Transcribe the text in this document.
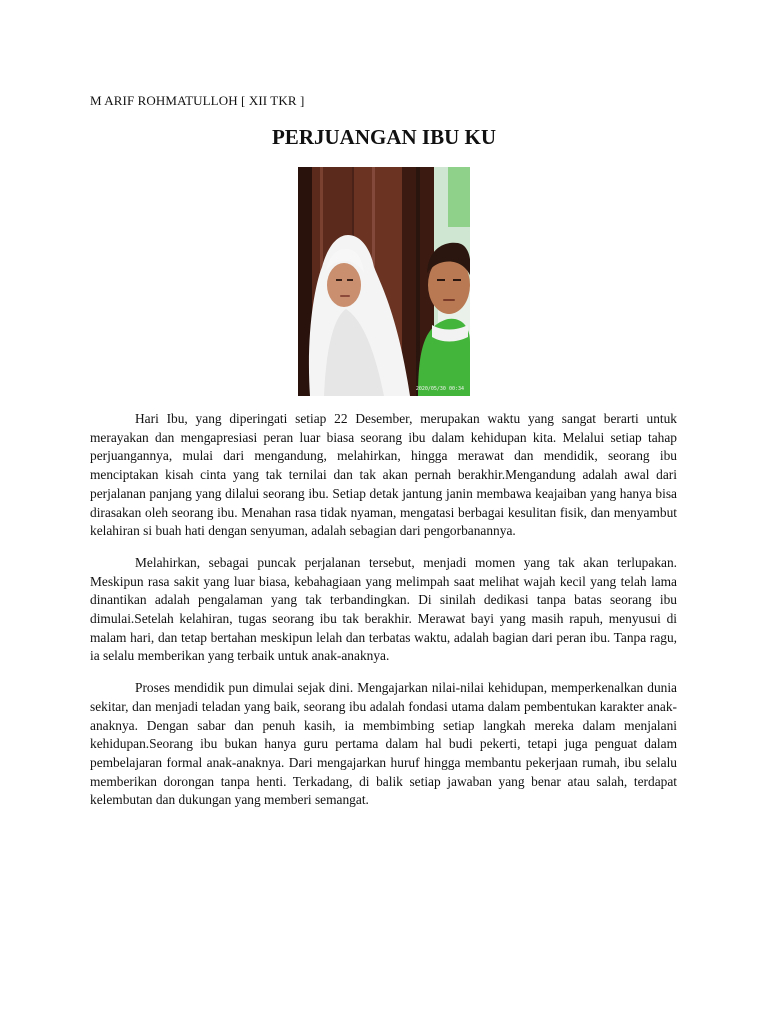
M ARIF ROHMATULLOH [ XII TKR ]
PERJUANGAN IBU KU
2020/05/30 00:34

Hari Ibu, yang diperingati setiap 22 Desember, merupakan waktu yang sangat berarti untuk merayakan dan mengapresiasi peran luar biasa seorang ibu dalam kehidupan kita. Melalui setiap tahap perjuangannya, mulai dari mengandung, melahirkan, hingga merawat dan mendidik, seorang ibu menciptakan kisah cinta yang tak ternilai dan tak akan pernah berakhir.Mengandung adalah awal dari perjalanan panjang yang dilalui seorang ibu. Setiap detak jantung janin membawa keajaiban yang hanya bisa dirasakan oleh seorang ibu. Menahan rasa tidak nyaman, mengatasi berbagai kesulitan fisik, dan menyambut kelahiran si buah hati dengan senyuman, adalah sebagian dari pengorbanannya.

Melahirkan, sebagai puncak perjalanan tersebut, menjadi momen yang tak akan terlupakan. Meskipun rasa sakit yang luar biasa, kebahagiaan yang melimpah saat melihat wajah kecil yang telah lama dinantikan adalah pengalaman yang tak terbandingkan. Di sinilah dedikasi tanpa batas seorang ibu dimulai.Setelah kelahiran, tugas seorang ibu tak berakhir. Merawat bayi yang masih rapuh, menyusui di malam hari, dan tetap bertahan meskipun lelah dan terbatas waktu, adalah bagian dari peran ibu. Tanpa ragu, ia selalu memberikan yang terbaik untuk anak-anaknya.

Proses mendidik pun dimulai sejak dini. Mengajarkan nilai-nilai kehidupan, memperkenalkan dunia sekitar, dan menjadi teladan yang baik, seorang ibu adalah fondasi utama dalam pembentukan karakter anak-anaknya. Dengan sabar dan penuh kasih, ia membimbing setiap langkah mereka dalam menjalani kehidupan.Seorang ibu bukan hanya guru pertama dalam hal budi pekerti, tetapi juga penguat dalam pembelajaran formal anak-anaknya. Dari mengajarkan huruf hingga membantu pekerjaan rumah, ibu selalu memberikan dorongan tanpa henti. Terkadang, di balik setiap jawaban yang benar atau salah, terdapat kelembutan dan dukungan yang memberi semangat.
